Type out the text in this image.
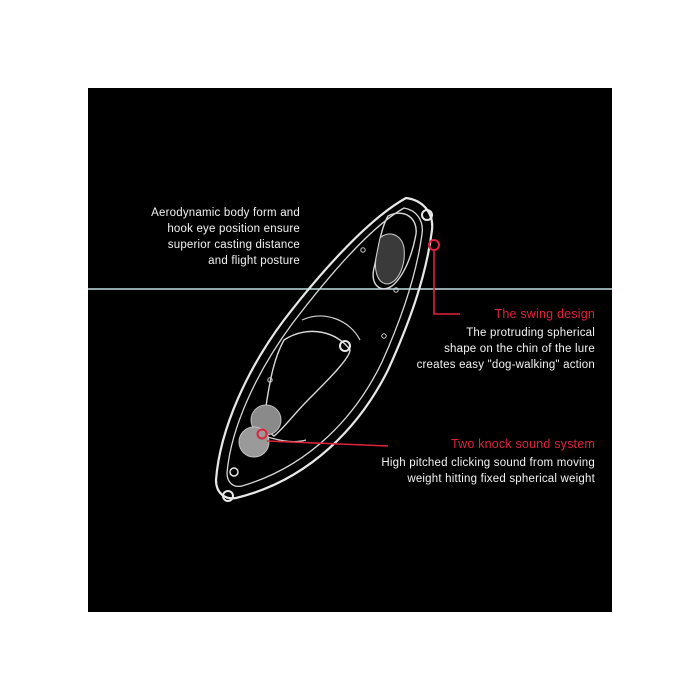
Aerodynamic body form and
hook eye position ensure
superior casting distance
and flight posture
The swing design
The protruding spherical
shape on the chin of the lure
creates easy "dog-walking" action
Two knock sound system
High pitched clicking sound from moving
weight hitting fixed spherical weight
